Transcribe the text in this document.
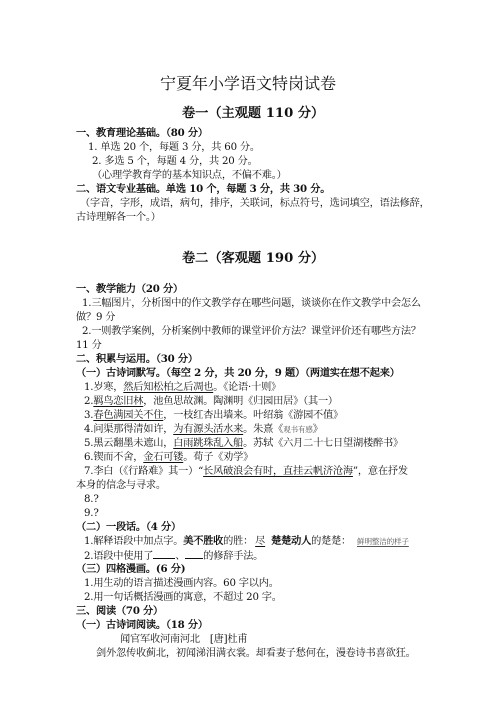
宁夏年小学语文特岗试卷
卷一（主观题 110 分）
一、教育理论基础。（80 分）
1. 单选 20 个，每题 3 分，共 60 分。
2. 多选 5 个，每题 4 分，共 20 分。
（心理学教育学的基本知识点，不偏不难。）
二、语文专业基础。单选 10 个，每题 3 分，共 30 分。
（字音，字形，成语，病句，排序，关联词，标点符号，选词填空，语法修辞，
古诗理解各一个。）
卷二（客观题 190 分）
一、教学能力（20 分）
1.三幅图片，分析图中的作文教学存在哪些问题，谈谈你在作文教学中会怎么
做？9 分
2.一则教学案例，分析案例中教师的课堂评价方法？课堂评价还有哪些方法？
11 分
二、积累与运用。（30 分）
（一）古诗词默写。（每空 2 分，共 20 分，9 题）（两道实在想不起来）
1.岁寒，然后知松柏之后凋也。《论语·十则》
2.羁鸟恋旧林，池鱼思故渊。陶渊明《归园田居》（其一）
3.春色满园关不住，一枝红杏出墙来。叶绍翁《游园不值》
4.问渠那得清如许，为有源头活水来。朱熹《观书有感》
5.黑云翻墨未遮山，白雨跳珠乱入船。苏轼《六月二十七日望湖楼醉书》
6.锲而不舍，金石可镂。荀子《劝学》
7.李白（《行路难》其一）“长风破浪会有时，直挂云帆济沧海”，意在抒发
本身的信念与寻求。
8.?
9.?
（二）一段话。（4 分）
1.解释语段中加点字。美不胜收的胜： 尽 楚楚动人的楚楚： 鲜明整洁的样子
2.语段中使用了 、 的修辞手法。
（三）四格漫画。(6 分)
1.用生动的语言描述漫画内容。60 字以内。
2.用一句话概括漫画的寓意，不超过 20 字。
三、阅读（70 分）
（一）古诗词阅读。（18 分）
闻官军收河南河北　[唐]杜甫
剑外忽传收蓟北，初闻涕泪满衣裳。却看妻子愁何在，漫卷诗书喜欲狂。
